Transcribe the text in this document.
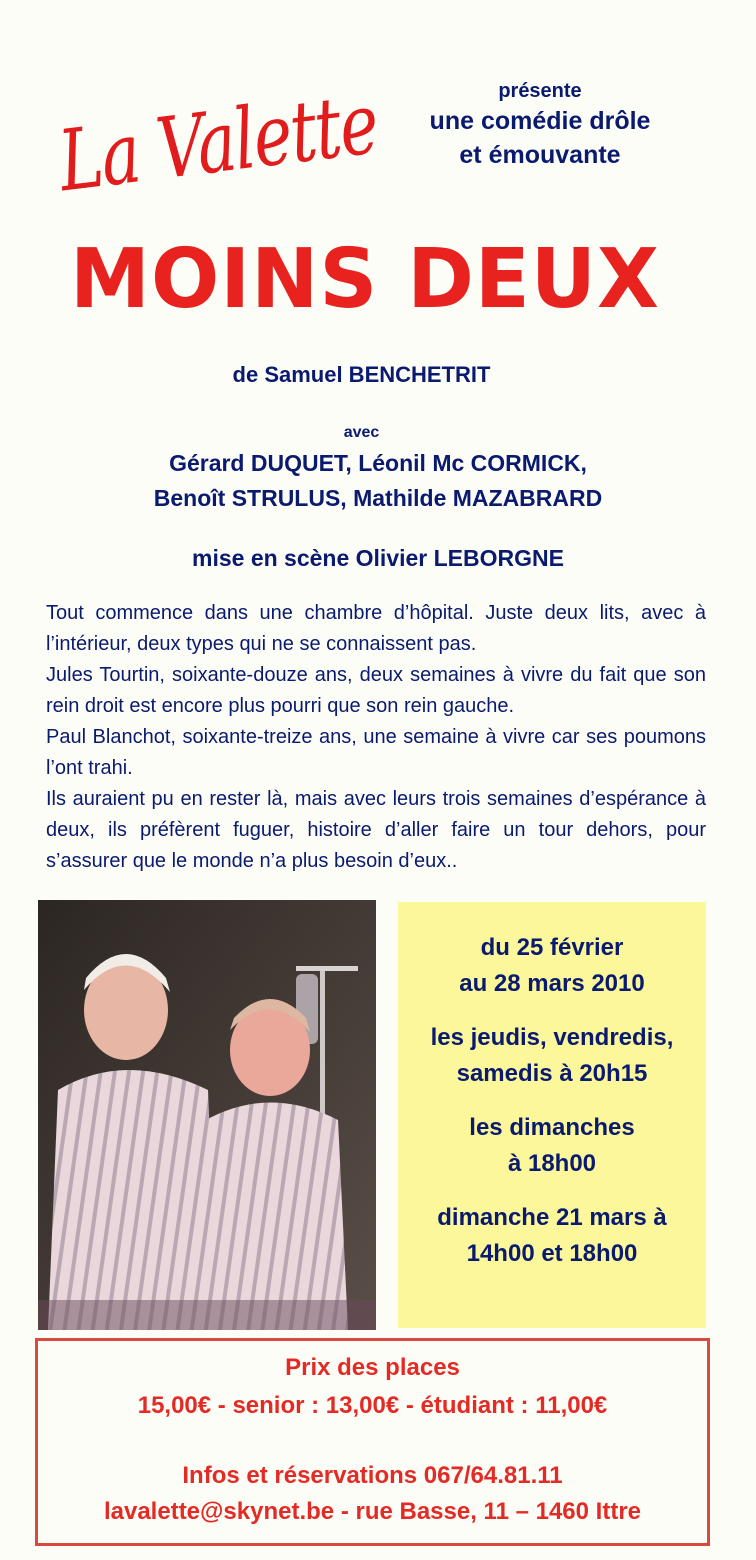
La Valette	présente
une comédie drôle
et émouvante
MOINS DEUX
de Samuel BENCHETRIT
avec
Gérard DUQUET, Léonil Mc CORMICK,
Benoît STRULUS, Mathilde MAZABRARD
mise en scène Olivier LEBORGNE

Tout commence dans une chambre d’hôpital. Juste deux lits, avec à l’intérieur, deux types qui ne se connaissent pas.

Jules Tourtin, soixante-douze ans, deux semaines à vivre du fait que son rein droit est encore plus pourri que son rein gauche.

Paul Blanchot, soixante-treize ans, une semaine à vivre car ses poumons l’ont trahi.

Ils auraient pu en rester là, mais avec leurs trois semaines d’espérance à deux, ils préfèrent fuguer, histoire d’aller faire un tour dehors, pour s’assurer que le monde n’a plus besoin d’eux..

du 25 février
au 28 mars 2010
les jeudis, vendredis,
samedis à 20h15
les dimanches
à 18h00
dimanche 21 mars à
14h00 et 18h00
Prix des places
15,00€ - senior : 13,00€ - étudiant : 11,00€
Infos et réservations 067/64.81.11
lavalette@skynet.be - rue Basse, 11 – 1460 Ittre
